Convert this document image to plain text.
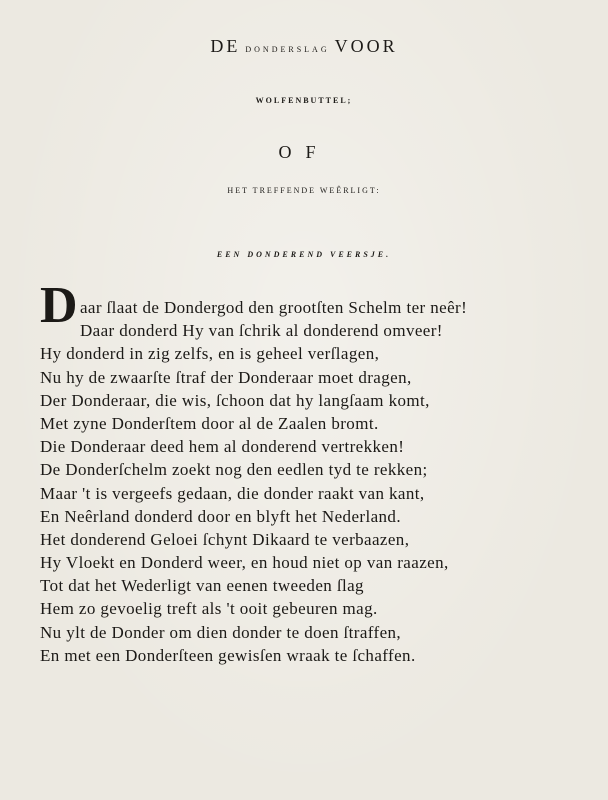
DE DONDERSLAG VOOR
WOLFENBUTTEL;
OF
HET TREFFENDE WEÊRLIGT:
EEN DONDEREND VEERSJE.
Daar ſlaat de Dondergod den grootſten Schelm ter neêr!
Daar donderd Hy van ſchrik al donderend omveer!
Hy donderd in zig zelfs, en is geheel verſlagen,
Nu hy de zwaarſte ſtraf der Donderaar moet dragen,
Der Donderaar, die wis, ſchoon dat hy langſaam komt,
Met zyne Donderſtem door al de Zaalen bromt.
Die Donderaar deed hem al donderend vertrekken!
De Donderſchelm zoekt nog den eedlen tyd te rekken;
Maar 't is vergeefs gedaan, die donder raakt van kant,
En Neêrland donderd door en blyft het Nederland.
Het donderend Geloei ſchynt Dikaard te verbaazen,
Hy Vloekt en Donderd weer, en houd niet op van raazen,
Tot dat het Wederligt van eenen tweeden ſlag
Hem zo gevoelig treft als 't ooit gebeuren mag.
Nu ylt de Donder om dien donder te doen ſtraffen,
En met een Donderſteen gewisſen wraak te ſchaffen.
